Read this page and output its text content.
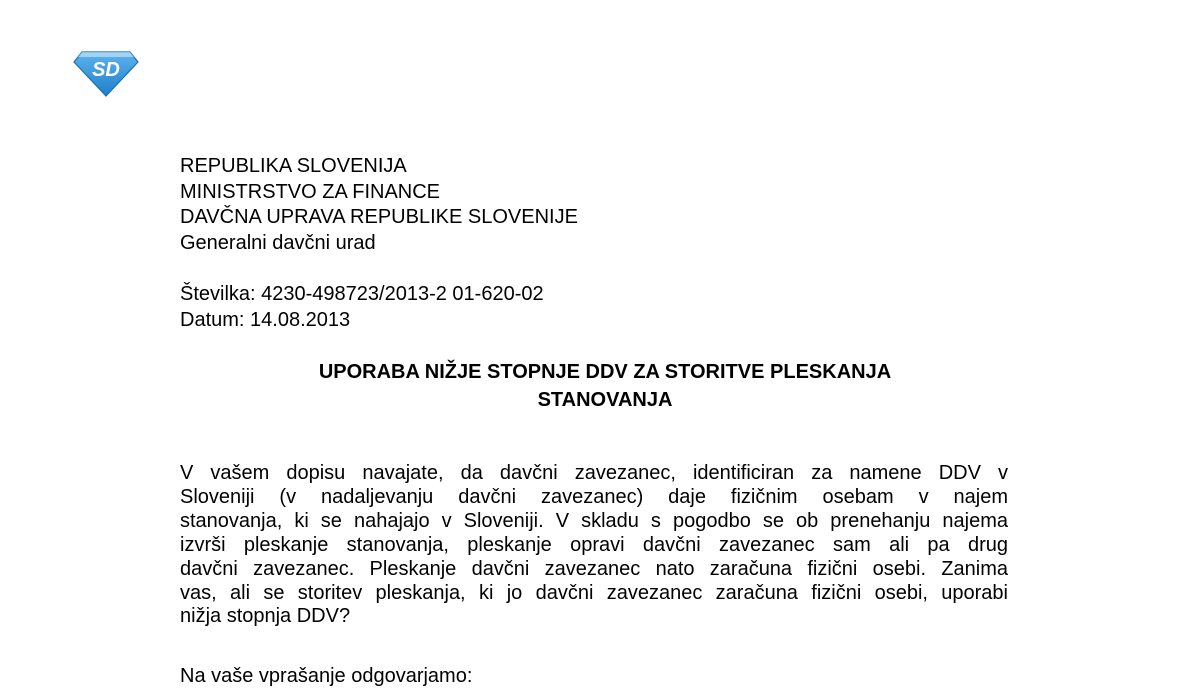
SD
REPUBLIKA SLOVENIJA
MINISTRSTVO ZA FINANCE
DAVČNA UPRAVA REPUBLIKE SLOVENIJE
Generalni davčni urad
Številka: 4230-498723/2013-2 01-620-02
Datum: 14.08.2013
UPORABA NIŽJE STOPNJE DDV ZA STORITVE PLESKANJA
STANOVANJA
V vašem dopisu navajate, da davčni zavezanec, identificiran za namene DDV v
Sloveniji (v nadaljevanju davčni zavezanec) daje fizičnim osebam v najem
stanovanja, ki se nahajajo v Sloveniji. V skladu s pogodbo se ob prenehanju najema
izvrši pleskanje stanovanja, pleskanje opravi davčni zavezanec sam ali pa drug
davčni zavezanec. Pleskanje davčni zavezanec nato zaračuna fizični osebi. Zanima
vas, ali se storitev pleskanja, ki jo davčni zavezanec zaračuna fizični osebi, uporabi
nižja stopnja DDV?
Na vaše vprašanje odgovarjamo:
